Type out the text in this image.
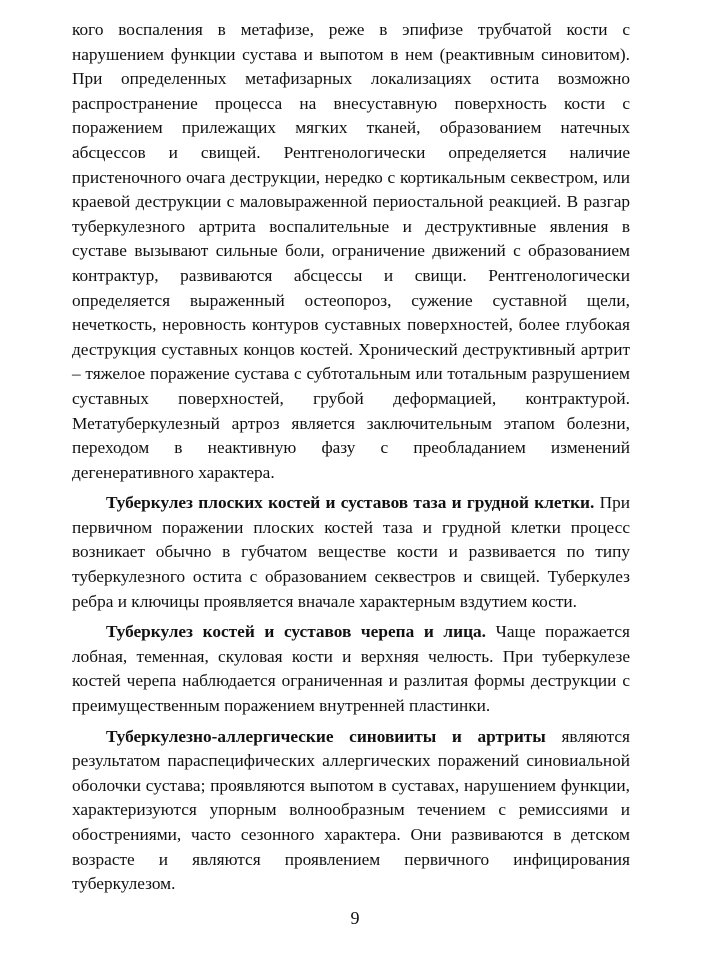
кого воспаления в метафизе, реже в эпифизе трубчатой кости с нарушением функции сустава и выпотом в нем (реактивным синовитом). При определенных метафизарных локализациях остита возможно распространение процесса на внесуставную поверхность кости с поражением прилежащих мягких тканей, образованием натечных абсцессов и свищей. Рентгенологически определяется наличие пристеночного очага деструкции, нередко с кортикальным секвестром, или краевой деструкции с маловыраженной периостальной реакцией. В разгар туберкулезного артрита воспалительные и деструктивные явления в суставе вызывают сильные боли, ограничение движений с образованием контрактур, развиваются абсцессы и свищи. Рентгенологически определяется выраженный остеопороз, сужение суставной щели, нечеткость, неровность контуров суставных поверхностей, более глубокая деструкция суставных концов костей. Хронический деструктивный артрит – тяжелое поражение сустава с субтотальным или тотальным разрушением суставных поверхностей, грубой деформацией, контрактурой. Метатуберкулезный артроз является заключительным этапом болезни, переходом в неактивную фазу с преобладанием изменений дегенеративного характера.

Туберкулез плоских костей и суставов таза и грудной клетки. При первичном поражении плоских костей таза и грудной клетки процесс возникает обычно в губчатом веществе кости и развивается по типу туберкулезного остита с образованием секвестров и свищей. Туберкулез ребра и ключицы проявляется вначале характерным вздутием кости.

Туберкулез костей и суставов черепа и лица. Чаще поражается лобная, теменная, скуловая кости и верхняя челюсть. При туберкулезе костей черепа наблюдается ограниченная и разлитая формы деструкции с преимущественным поражением внутренней пластинки.

Туберкулезно-аллергические синовииты и артриты являются результатом параспецифических аллергических поражений синовиальной оболочки сустава; проявляются выпотом в суставах, нарушением функции, характеризуются упорным волнообразным течением с ремиссиями и обострениями, часто сезонного характера. Они развиваются в детском возрасте и являются проявлением первичного инфицирования туберкулезом.

9
